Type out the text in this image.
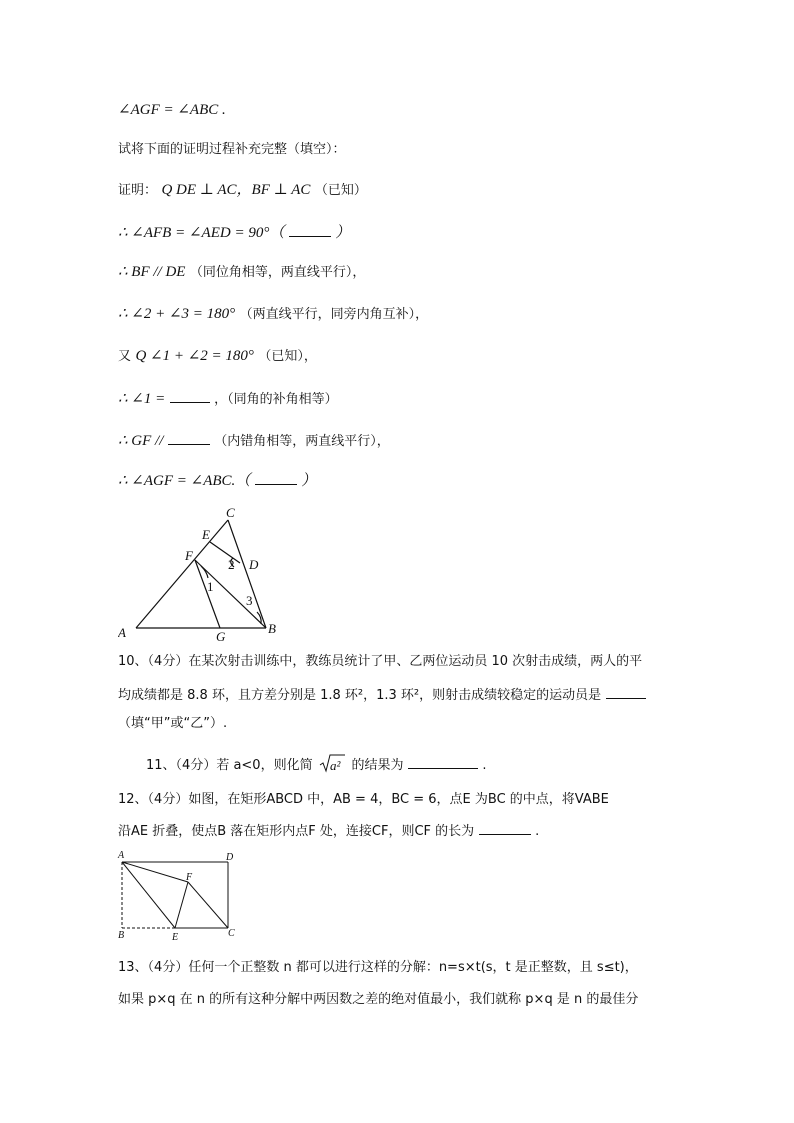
∠AGF = ∠ABC .
试将下面的证明过程补充完整（填空）：
证明： Q DE ⊥ AC，BF ⊥ AC （已知）
∴ ∠AFB = ∠AED = 90°（	）
∴ BF // DE （同位角相等，两直线平行），
∴ ∠2 + ∠3 = 180° （两直线平行，同旁内角互补），
又 Q ∠1 + ∠2 = 180° （已知），
∴ ∠1 =	，（同角的补角相等）
∴ GF //	（内错角相等，两直线平行），
∴ ∠AGF = ∠ABC.（	）
A	B
C
D
E
F
G
1
2
3
10、（4分）在某次射击训练中，教练员统计了甲、乙两位运动员 10 次射击成绩，两人的平
均成绩都是 8.8 环，且方差分别是 1.8 环²，1.3 环²，则射击成绩较稳定的运动员是
（填“甲”或“乙”）.
11、（4分）若 a<0，则化简 a² 的结果为	.
12、（4分）如图，在矩形ABCD 中，AB = 4，BC = 6，点E 为BC 的中点，将VABE
沿AE 折叠，使点B 落在矩形内点F 处，连接CF，则CF 的长为	.
A	D
B	E	C
F
13、（4分）任何一个正整数 n 都可以进行这样的分解：n=s×t(s，t 是正整数，且 s≤t)，
如果 p×q 在 n 的所有这种分解中两因数之差的绝对值最小，我们就称 p×q 是 n 的最佳分
